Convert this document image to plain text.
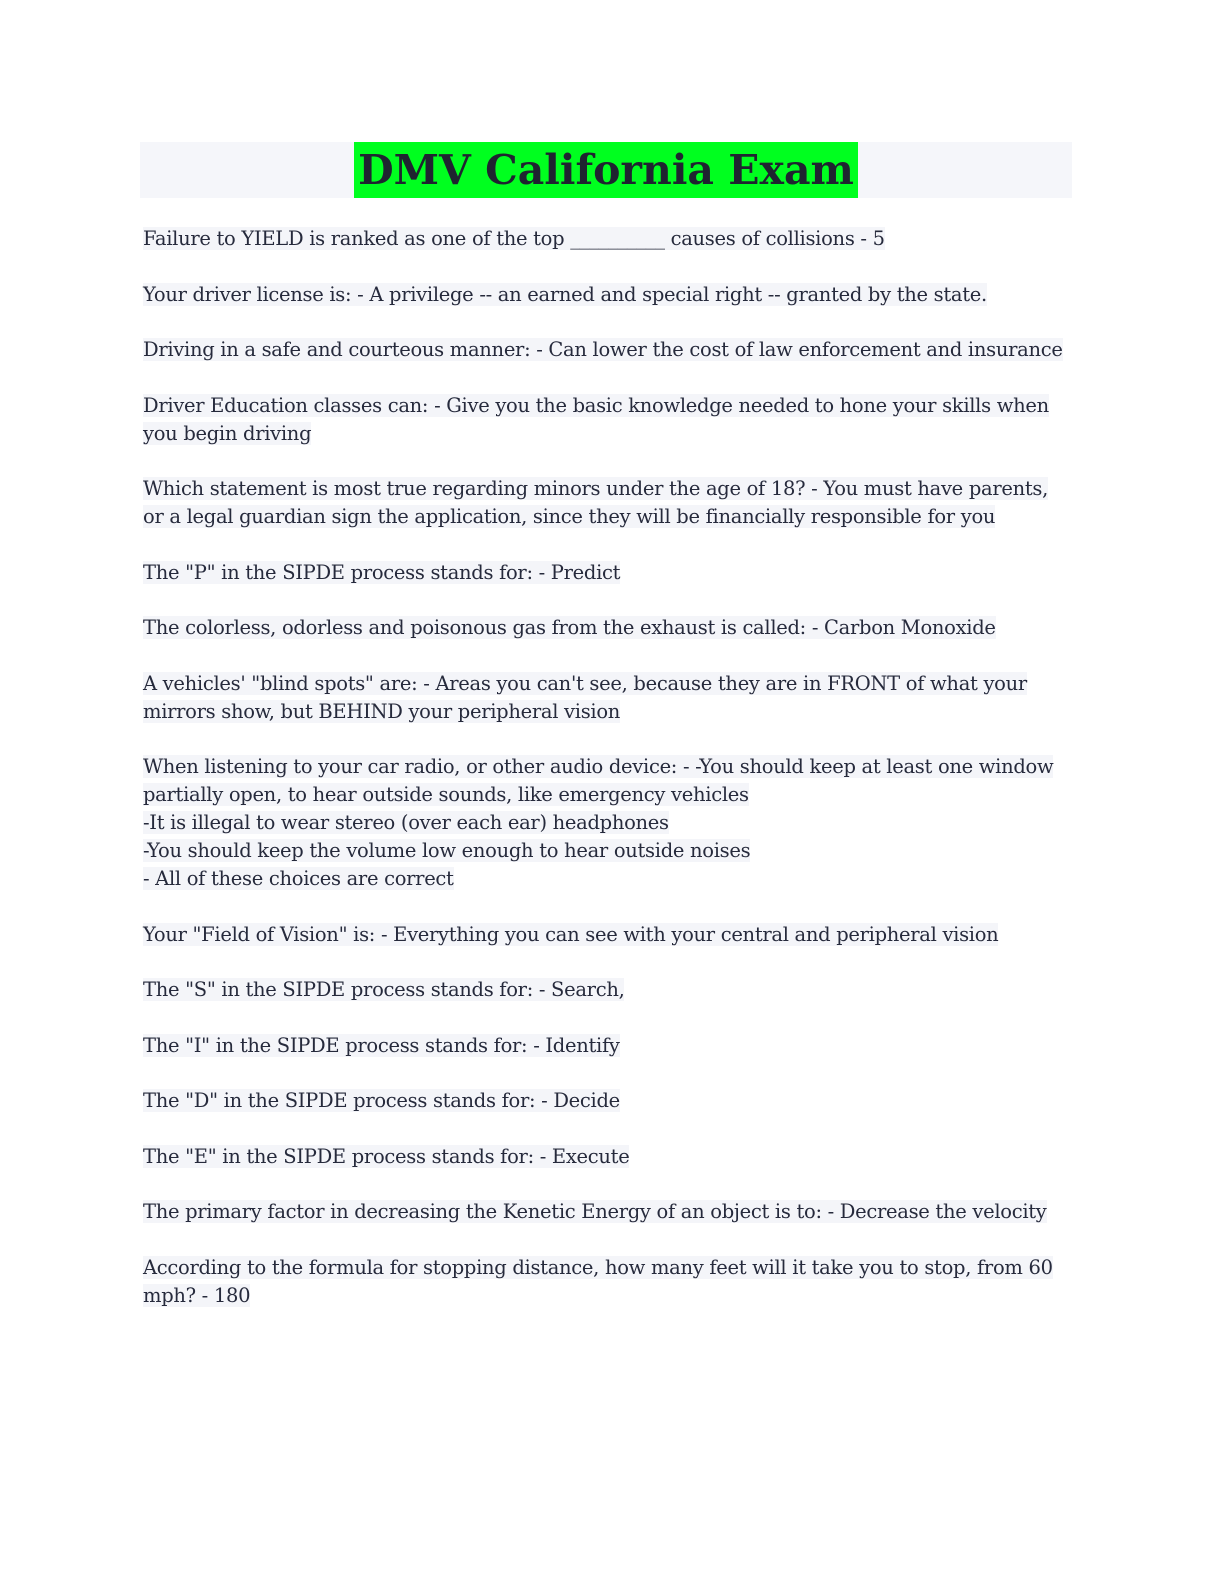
DMV California Exam

Failure to YIELD is ranked as one of the top __________ causes of collisions - 5

Your driver license is: - A privilege -- an earned and special right -- granted by the state.

Driving in a safe and courteous manner: - Can lower the cost of law enforcement and insurance

Driver Education classes can: - Give you the basic knowledge needed to hone your skills when you begin driving

Which statement is most true regarding minors under the age of 18? - You must have parents, or a legal guardian sign the application, since they will be financially responsible for you

The "P" in the SIPDE process stands for: - Predict

The colorless, odorless and poisonous gas from the exhaust is called: - Carbon Monoxide

A vehicles' "blind spots" are: - Areas you can't see, because they are in FRONT of what your mirrors show, but BEHIND your peripheral vision

When listening to your car radio, or other audio device: - -You should keep at least one window partially open, to hear outside sounds, like emergency vehicles
-It is illegal to wear stereo (over each ear) headphones
-You should keep the volume low enough to hear outside noises
- All of these choices are correct

Your "Field of Vision" is: - Everything you can see with your central and peripheral vision

The "S" in the SIPDE process stands for: - Search,

The "I" in the SIPDE process stands for: - Identify

The "D" in the SIPDE process stands for: - Decide

The "E" in the SIPDE process stands for: - Execute

The primary factor in decreasing the Kenetic Energy of an object is to: - Decrease the velocity

According to the formula for stopping distance, how many feet will it take you to stop, from 60 mph? - 180
